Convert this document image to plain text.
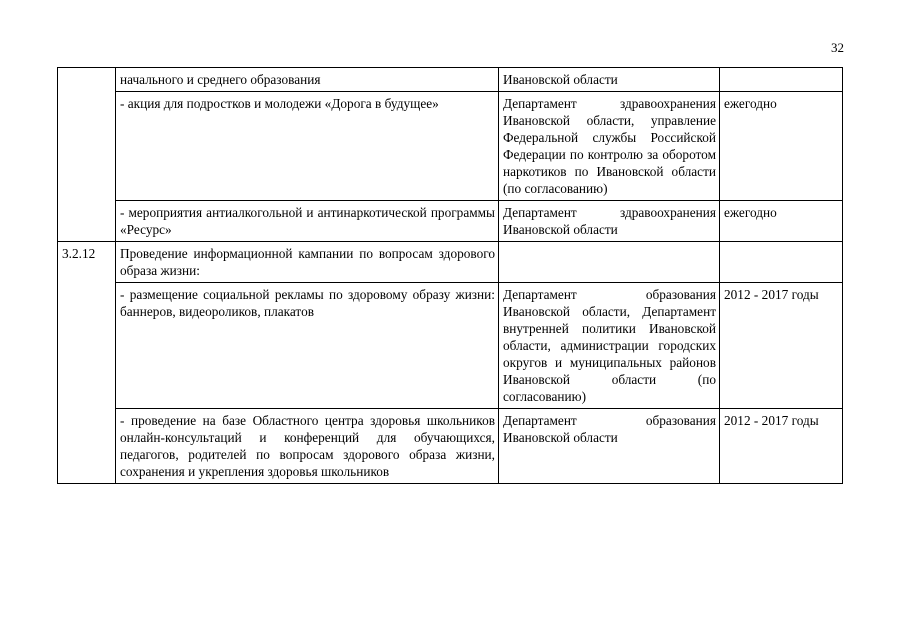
32
	начального и среднего образования	Ивановской области	
	- акция для подростков и молодежи «Дорога в будущее»	Департамент здравоохранения Ивановской области, управление Федеральной службы Российской Федерации по контролю за оборотом наркотиков по Ивановской области (по согласованию)	ежегодно
	- мероприятия антиалкогольной и антинаркотической программы «Ресурс»	Департамент здравоохранения Ивановской области	ежегодно
3.2.12	Проведение информационной кампании по вопросам здорового образа жизни:		
	- размещение социальной рекламы по здоровому образу жизни: баннеров, видеороликов, плакатов	Департамент образования Ивановской области, Департамент внутренней политики Ивановской области, администрации городских округов и муниципальных районов Ивановской области (по согласованию)	2012 - 2017 годы
	- проведение на базе Областного центра здоровья школьников онлайн-консультаций и конференций для обучающихся, педагогов, родителей по вопросам здорового образа жизни, сохранения и укрепления здоровья школьников	Департамент образования Ивановской области	2012 - 2017 годы
